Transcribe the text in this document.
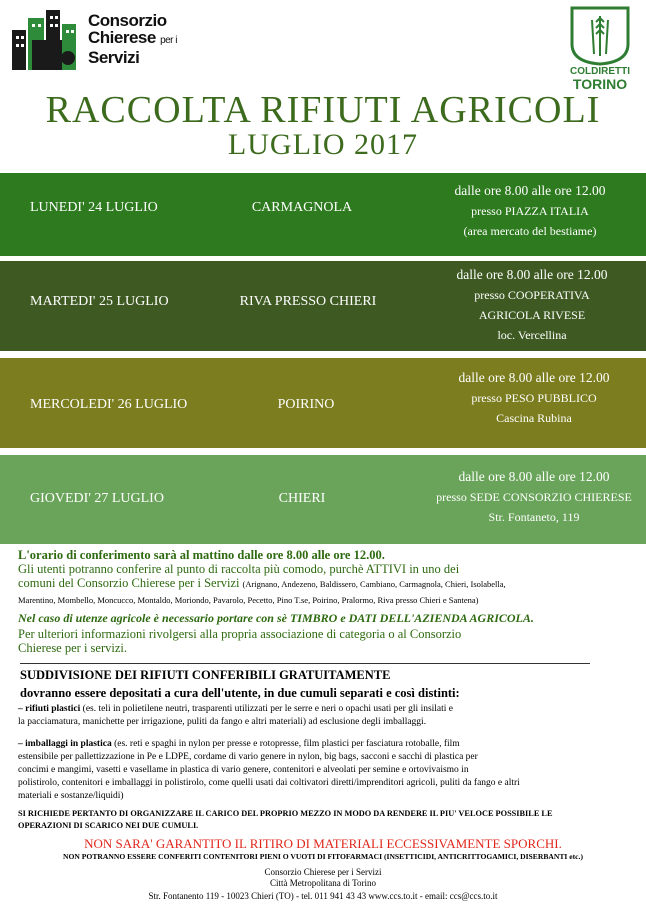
Consorzio
Chierese per i
Servizi
COLDIRETTI
TORINO
RACCOLTA RIFIUTI AGRICOLI
LUGLIO 2017
LUNEDI' 24 LUGLIO	CARMAGNOLA
dalle ore 8.00 alle ore 12.00
presso PIAZZA ITALIA
(area mercato del bestiame)
MARTEDI' 25 LUGLIO	RIVA PRESSO CHIERI
dalle ore 8.00 alle ore 12.00
presso COOPERATIVA
AGRICOLA RIVESE
loc. Vercellina
MERCOLEDI' 26 LUGLIO	POIRINO
dalle ore 8.00 alle ore 12.00
presso PESO PUBBLICO
Cascina Rubina
GIOVEDI' 27 LUGLIO	CHIERI
dalle ore 8.00 alle ore 12.00
presso SEDE CONSORZIO CHIERESE
Str. Fontaneto, 119
L'orario di conferimento sarà al mattino dalle ore 8.00 alle ore 12.00.
Gli utenti potranno conferire al punto di raccolta più comodo, purchè ATTIVI in uno dei
comuni del Consorzio Chierese per i Servizi (Arignano, Andezeno, Baldissero, Cambiano, Carmagnola, Chieri, Isolabella,
Marentino, Mombello, Moncucco, Montaldo, Moriondo, Pavarolo, Pecetto, Pino T.se, Poirino, Pralormo, Riva presso Chieri e Santena)
Nel caso di utenze agricole è necessario portare con sè TIMBRO e DATI DELL'AZIENDA AGRICOLA.
Per ulteriori informazioni rivolgersi alla propria associazione di categoria o al Consorzio
Chierese per i servizi.
SUDDIVISIONE DEI RIFIUTI CONFERIBILI GRATUITAMENTE
dovranno essere depositati a cura dell'utente, in due cumuli separati e così distinti:
– rifiuti plastici (es. teli in polietilene neutri, trasparenti utilizzati per le serre e neri o opachi usati per gli insilati e
la pacciamatura, manichette per irrigazione, puliti da fango e altri materiali) ad esclusione degli imballaggi.
– imballaggi in plastica (es. reti e spaghi in nylon per presse e rotopresse, film plastici per fasciatura rotoballe, film
estensibile per pallettizzazione in Pe e LDPE, cordame di vario genere in nylon, big bags, sacconi e sacchi di plastica per
concimi e mangimi, vasetti e vasellame in plastica di vario genere, contenitori e alveolati per semine e ortovivaismo in
polistirolo, contenitori e imballaggi in polistirolo, come quelli usati dai coltivatori diretti/imprenditori agricoli, puliti da fango e altri
materiali e sostanze/liquidi)
SI RICHIEDE PERTANTO DI ORGANIZZARE IL CARICO DEL PROPRIO MEZZO IN MODO DA RENDERE IL PIU' VELOCE POSSIBILE LE
OPERAZIONI DI SCARICO NEI DUE CUMULI.
NON SARA' GARANTITO IL RITIRO DI MATERIALI ECCESSIVAMENTE SPORCHI.
NON POTRANNO ESSERE CONFERITI CONTENITORI PIENI O VUOTI DI FITOFARMACI (INSETTICIDI, ANTICRITTOGAMICI, DISERBANTI etc.)
Consorzio Chierese per i Servizi
Città Metropolitana di Torino
Str. Fontanento 119 - 10023 Chieri (TO) - tel. 011 941 43 43 www.ccs.to.it - email: ccs@ccs.to.it
